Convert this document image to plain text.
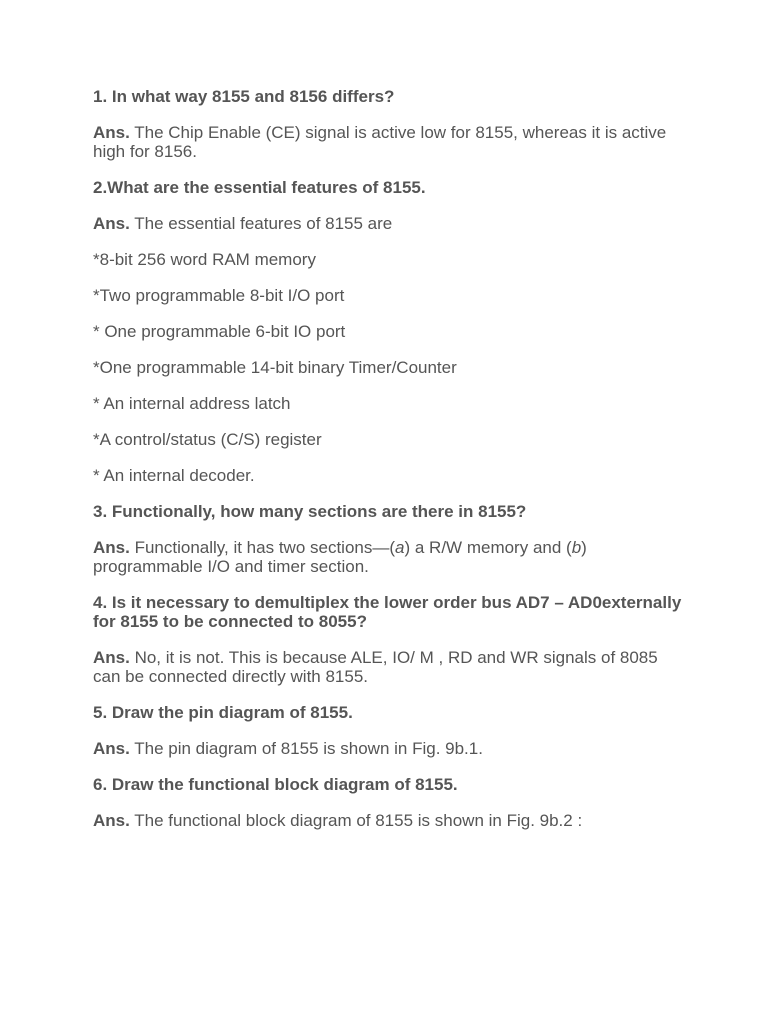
1. In what way 8155 and 8156 differs?
Ans. The Chip Enable (CE) signal is active low for 8155, whereas it is active high for 8156.
2.What are the essential features of 8155.
Ans. The essential features of 8155 are
*8-bit 256 word RAM memory
*Two programmable 8-bit I/O port
* One programmable 6-bit IO port
*One programmable 14-bit binary Timer/Counter
* An internal address latch
*A control/status (C/S) register
* An internal decoder.
3. Functionally, how many sections are there in 8155?
Ans. Functionally, it has two sections—(a) a R/W memory and (b) programmable I/O and timer section.
4. Is it necessary to demultiplex the lower order bus AD7 – AD0externally for 8155 to be connected to 8055?
Ans. No, it is not. This is because ALE, IO/ M , RD and WR signals of 8085 can be connected directly with 8155.
5. Draw the pin diagram of 8155.
Ans. The pin diagram of 8155 is shown in Fig. 9b.1.
6. Draw the functional block diagram of 8155.
Ans. The functional block diagram of 8155 is shown in Fig. 9b.2 :
